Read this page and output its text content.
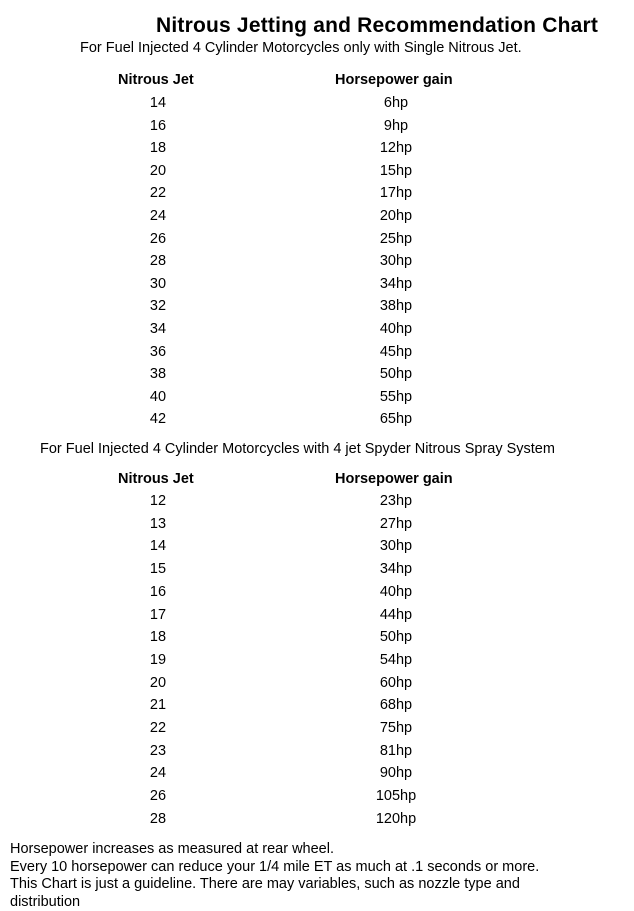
Nitrous Jetting and Recommendation Chart
For Fuel Injected 4 Cylinder Motorcycles only with Single Nitrous Jet.
Nitrous Jet	Horsepower gain
14	6hp
16	9hp
18	12hp
20	15hp
22	17hp
24	20hp
26	25hp
28	30hp
30	34hp
32	38hp
34	40hp
36	45hp
38	50hp
40	55hp
42	65hp
For Fuel Injected 4 Cylinder Motorcycles with 4 jet Spyder Nitrous Spray System
Nitrous Jet	Horsepower gain
12	23hp
13	27hp
14	30hp
15	34hp
16	40hp
17	44hp
18	50hp
19	54hp
20	60hp
21	68hp
22	75hp
23	81hp
24	90hp
26	105hp
28	120hp
Horsepower increases as measured at rear wheel.
Every 10 horsepower can reduce your 1/4 mile ET as much at .1 seconds or more.
This Chart is just a guideline. There are may variables, such as nozzle type and
distribution
